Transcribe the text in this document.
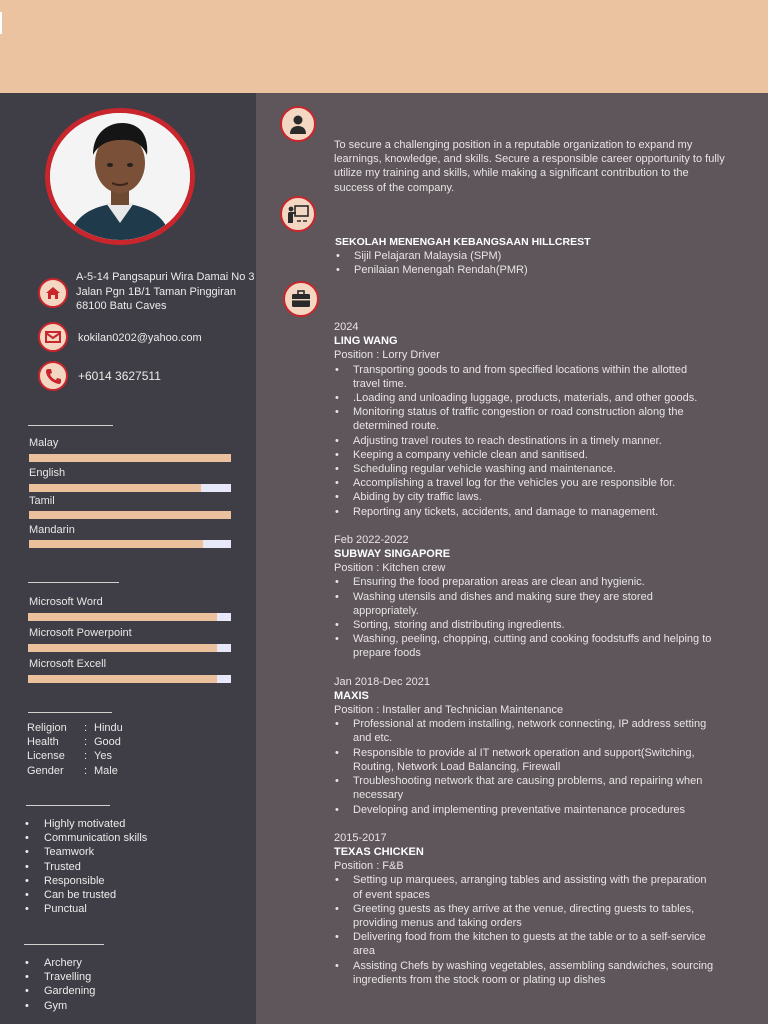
A-5-14 Pangsapuri Wira Damai No 3
Jalan Pgn 1B/1 Taman Pinggiran
68100 Batu Caves
kokilan0202@yahoo.com
+6014 3627511
Malay
English
Tamil
Mandarin
Microsoft Word
Microsoft Powerpoint
Microsoft Excell
Religion	: Hindu
Health	: Good
License	: Yes
Gender	: Male
• Highly motivated
• Communication skills
• Teamwork
• Trusted
• Responsible
• Can be trusted
• Punctual
• Archery
• Travelling
• Gardening
• Gym
To secure a challenging position in a reputable organization to expand my
learnings, knowledge, and skills. Secure a responsible career opportunity to fully
utilize my training and skills, while making a significant contribution to the
success of the company.
SEKOLAH MENENGAH KEBANGSAAN HILLCREST
• Sijil Pelajaran Malaysia (SPM)
• Penilaian Menengah Rendah(PMR)
2024
LING WANG
Position : Lorry Driver
• Transporting goods to and from specified locations within the allotted
travel time.
• .Loading and unloading luggage, products, materials, and other goods.
• Monitoring status of traffic congestion or road construction along the
determined route.
• Adjusting travel routes to reach destinations in a timely manner.
• Keeping a company vehicle clean and sanitised.
• Scheduling regular vehicle washing and maintenance.
• Accomplishing a travel log for the vehicles you are responsible for.
• Abiding by city traffic laws.
• Reporting any tickets, accidents, and damage to management.
Feb 2022-2022
SUBWAY SINGAPORE
Position : Kitchen crew
• Ensuring the food preparation areas are clean and hygienic.
• Washing utensils and dishes and making sure they are stored
appropriately.
• Sorting, storing and distributing ingredients.
• Washing, peeling, chopping, cutting and cooking foodstuffs and helping to
prepare foods
Jan 2018-Dec 2021
MAXIS
Position : Installer and Technician Maintenance
• Professional at modem installing, network connecting, IP address setting
and etc.
• Responsible to provide al IT network operation and support(Switching,
Routing, Network Load Balancing, Firewall
• Troubleshooting network that are causing problems, and repairing when
necessary
• Developing and implementing preventative maintenance procedures
2015-2017
TEXAS CHICKEN
Position : F&B
• Setting up marquees, arranging tables and assisting with the preparation
of event spaces
• Greeting guests as they arrive at the venue, directing guests to tables,
providing menus and taking orders
• Delivering food from the kitchen to guests at the table or to a self-service
area
• Assisting Chefs by washing vegetables, assembling sandwiches, sourcing
ingredients from the stock room or plating up dishes
